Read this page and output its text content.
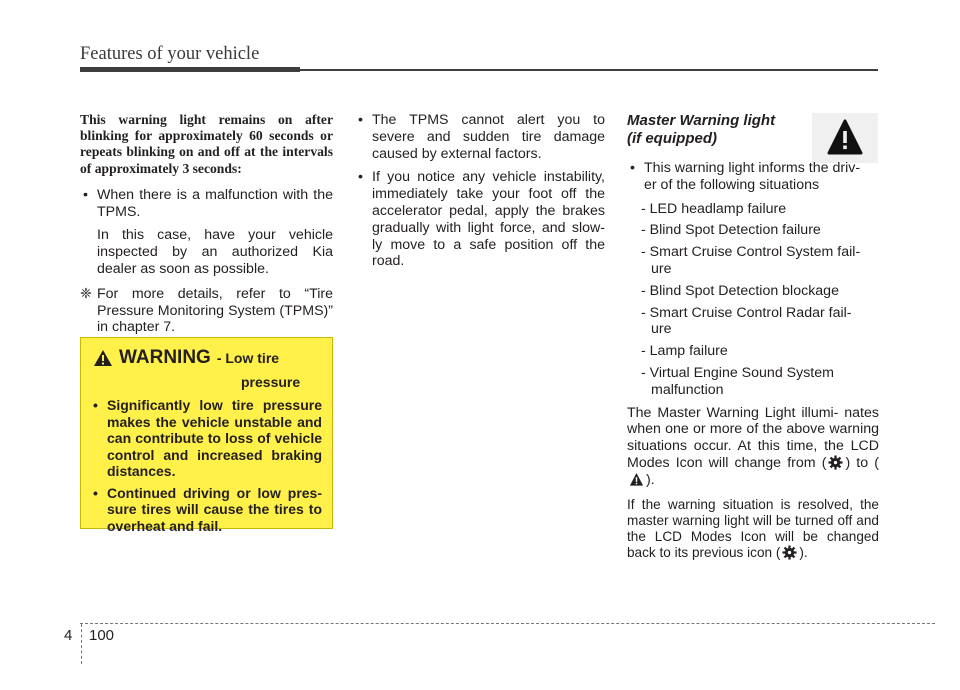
Features of your vehicle

This warning light remains on after blinking for approximately 60 seconds or repeats blinking on and off at the intervals of approximately 3 seconds:

• When there is a malfunction with the TPMS.

In this case, have your vehicle inspected by an authorized Kia dealer as soon as possible.

❈ For more details, refer to “Tire Pressure Monitoring System (TPMS)” in chapter 7.
WARNING - Low tire
pressure
• Significantly low tire pressure makes the vehicle unstable and can contribute to loss of vehicle control and increased braking distances.
• Continued driving or low pres- sure tires will cause the tires to overheat and fail.
• The TPMS cannot alert you to severe and sudden tire damage caused by external factors.
• If you notice any vehicle instability, immediately take your foot off the accelerator pedal, apply the brakes gradually with light force, and slow- ly move to a safe position off the road.
Master Warning light
(if equipped)
• This warning light informs the driv-
er of the following situations
- LED headlamp failure
- Blind Spot Detection failure
- Smart Cruise Control System fail-
ure
- Blind Spot Detection blockage
- Smart Cruise Control Radar fail-
ure
- Lamp failure
- Virtual Engine Sound System
malfunction

The Master Warning Light illumi- nates when one or more of the above warning situations occur. At this time, the LCD Modes Icon will change from ( ) to ().

If the warning situation is resolved, the master warning light will be turned off and the LCD Modes Icon will be changed back to its previous icon ( ).

4 100
